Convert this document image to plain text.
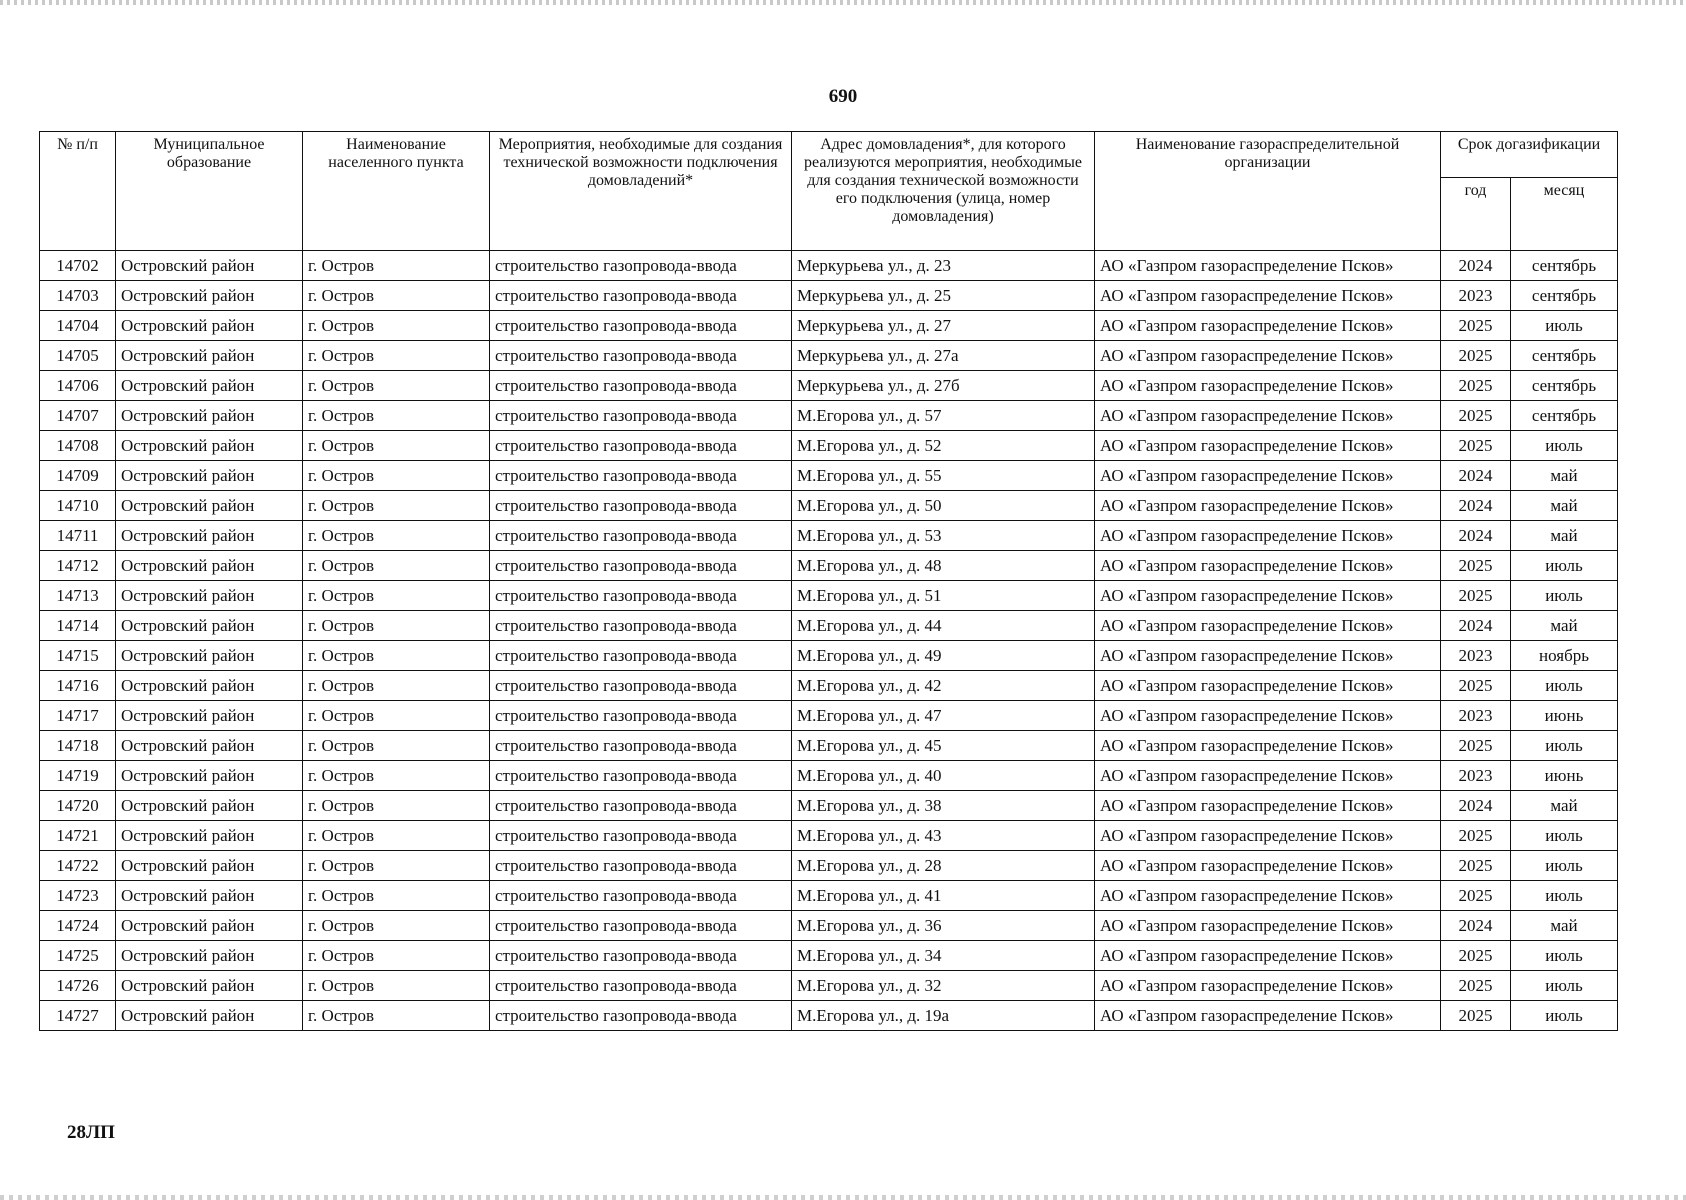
690
№ п/п	Муниципальное образование	Наименование населенного пункта	Мероприятия, необходимые для создания технической возможности подключения домовладений*	Адрес домовладения*, для которого реализуются мероприятия, необходимые для создания технической возможности его подключения (улица, номер домовладения)	Наименование газораспределительной организации	Срок догазификации	
						год	месяц
14702	Островский район	г. Остров	строительство газопровода-ввода	Меркурьева ул., д. 23	АО «Газпром газораспределение Псков»	2024	сентябрь
14703	Островский район	г. Остров	строительство газопровода-ввода	Меркурьева ул., д. 25	АО «Газпром газораспределение Псков»	2023	сентябрь
14704	Островский район	г. Остров	строительство газопровода-ввода	Меркурьева ул., д. 27	АО «Газпром газораспределение Псков»	2025	июль
14705	Островский район	г. Остров	строительство газопровода-ввода	Меркурьева ул., д. 27а	АО «Газпром газораспределение Псков»	2025	сентябрь
14706	Островский район	г. Остров	строительство газопровода-ввода	Меркурьева ул., д. 27б	АО «Газпром газораспределение Псков»	2025	сентябрь
14707	Островский район	г. Остров	строительство газопровода-ввода	М.Егорова ул., д. 57	АО «Газпром газораспределение Псков»	2025	сентябрь
14708	Островский район	г. Остров	строительство газопровода-ввода	М.Егорова ул., д. 52	АО «Газпром газораспределение Псков»	2025	июль
14709	Островский район	г. Остров	строительство газопровода-ввода	М.Егорова ул., д. 55	АО «Газпром газораспределение Псков»	2024	май
14710	Островский район	г. Остров	строительство газопровода-ввода	М.Егорова ул., д. 50	АО «Газпром газораспределение Псков»	2024	май
14711	Островский район	г. Остров	строительство газопровода-ввода	М.Егорова ул., д. 53	АО «Газпром газораспределение Псков»	2024	май
14712	Островский район	г. Остров	строительство газопровода-ввода	М.Егорова ул., д. 48	АО «Газпром газораспределение Псков»	2025	июль
14713	Островский район	г. Остров	строительство газопровода-ввода	М.Егорова ул., д. 51	АО «Газпром газораспределение Псков»	2025	июль
14714	Островский район	г. Остров	строительство газопровода-ввода	М.Егорова ул., д. 44	АО «Газпром газораспределение Псков»	2024	май
14715	Островский район	г. Остров	строительство газопровода-ввода	М.Егорова ул., д. 49	АО «Газпром газораспределение Псков»	2023	ноябрь
14716	Островский район	г. Остров	строительство газопровода-ввода	М.Егорова ул., д. 42	АО «Газпром газораспределение Псков»	2025	июль
14717	Островский район	г. Остров	строительство газопровода-ввода	М.Егорова ул., д. 47	АО «Газпром газораспределение Псков»	2023	июнь
14718	Островский район	г. Остров	строительство газопровода-ввода	М.Егорова ул., д. 45	АО «Газпром газораспределение Псков»	2025	июль
14719	Островский район	г. Остров	строительство газопровода-ввода	М.Егорова ул., д. 40	АО «Газпром газораспределение Псков»	2023	июнь
14720	Островский район	г. Остров	строительство газопровода-ввода	М.Егорова ул., д. 38	АО «Газпром газораспределение Псков»	2024	май
14721	Островский район	г. Остров	строительство газопровода-ввода	М.Егорова ул., д. 43	АО «Газпром газораспределение Псков»	2025	июль
14722	Островский район	г. Остров	строительство газопровода-ввода	М.Егорова ул., д. 28	АО «Газпром газораспределение Псков»	2025	июль
14723	Островский район	г. Остров	строительство газопровода-ввода	М.Егорова ул., д. 41	АО «Газпром газораспределение Псков»	2025	июль
14724	Островский район	г. Остров	строительство газопровода-ввода	М.Егорова ул., д. 36	АО «Газпром газораспределение Псков»	2024	май
14725	Островский район	г. Остров	строительство газопровода-ввода	М.Егорова ул., д. 34	АО «Газпром газораспределение Псков»	2025	июль
14726	Островский район	г. Остров	строительство газопровода-ввода	М.Егорова ул., д. 32	АО «Газпром газораспределение Псков»	2025	июль
14727	Островский район	г. Остров	строительство газопровода-ввода	М.Егорова ул., д. 19а	АО «Газпром газораспределение Псков»	2025	июль
28ЛП
